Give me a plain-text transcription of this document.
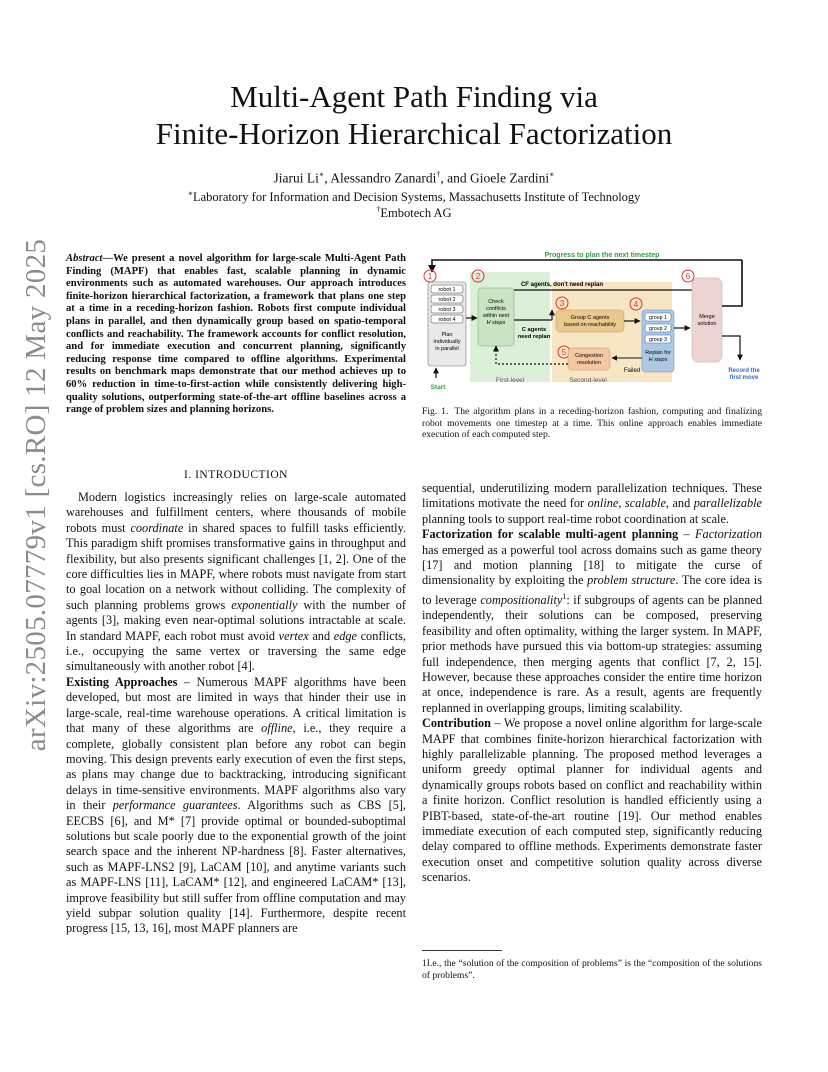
arXiv:2505.07779v1 [cs.RO] 12 May 2025
Multi-Agent Path Finding via
Finite-Horizon Hierarchical Factorization
Jiarui Li∗, Alessandro Zanardi†, and Gioele Zardini∗
∗Laboratory for Information and Decision Systems, Massachusetts Institute of Technology
†Embotech AG
Abstract—We present a novel algorithm for large-scale Multi-Agent Path Finding (MAPF) that enables fast, scalable planning in dynamic environments such as automated warehouses. Our approach introduces finite-horizon hierarchical factorization, a framework that plans one step at a time in a receding-horizon fashion. Robots first compute individual plans in parallel, and then dynamically group based on spatio-temporal conflicts and reachability. The framework accounts for conflict resolution, and for immediate execution and concurrent planning, significantly reducing response time compared to offline algorithms. Experimental results on benchmark maps demonstrate that our method achieves up to 60% reduction in time-to-first-action while consistently delivering high-quality solutions, outperforming state-of-the-art offline baselines across a range of problem sizes and planning horizons.
I. INTRODUCTION

Modern logistics increasingly relies on large-scale automated warehouses and fulfillment centers, where thousands of mobile robots must coordinate in shared spaces to fulfill tasks efficiently. This paradigm shift promises transformative gains in throughput and flexibility, but also presents significant challenges [1, 2]. One of the core difficulties lies in MAPF, where robots must navigate from start to goal location on a network without colliding. The complexity of such planning problems grows exponentially with the number of agents [3], making even near-optimal solutions intractable at scale. In standard MAPF, each robot must avoid vertex and edge conflicts, i.e., occupying the same vertex or traversing the same edge simultaneously with another robot [4].

Existing Approaches – Numerous MAPF algorithms have been developed, but most are limited in ways that hinder their use in large-scale, real-time warehouse operations. A critical limitation is that many of these algorithms are offline, i.e., they require a complete, globally consistent plan before any robot can begin moving. This design prevents early execution of even the first steps, as plans may change due to backtracking, introducing significant delays in time-sensitive environments. MAPF algorithms also vary in their performance guarantees. Algorithms such as CBS [5], EECBS [6], and M* [7] provide optimal or bounded-suboptimal solutions but scale poorly due to the exponential growth of the joint search space and the inherent NP-hardness [8]. Faster alternatives, such as MAPF-LNS2 [9], LaCAM [10], and anytime variants such as MAPF-LNS [11], LaCAM* [12], and engineered LaCAM* [13], improve feasibility but still suffer from offline computation and may yield subpar solution quality [14]. Furthermore, despite recent progress [15, 13, 16], most MAPF planners are

Progress to plan the next timestep
1	2
3	4
5
6
robot 1
robot 2
robot 3
robot 4
Plan
individually
in parallel
Check
conflicts
within next
H steps
CF agents, don't need replan
C agents
need replan
Group C agents
based on reachability
group 1
group 2
group 3
Replan for
H steps
Failed
Congestion
resolution
Merge
solution
Record the
first move
Start
First-level	Second-level
Fig. 1. The algorithm plans in a receding-horizon fashion, computing and finalizing robot movements one timestep at a time. This online approach enables immediate execution of each computed step.

sequential, underutilizing modern parallelization techniques. These limitations motivate the need for online, scalable, and parallelizable planning tools to support real-time robot coordination at scale.

Factorization for scalable multi-agent planning – Factorization has emerged as a powerful tool across domains such as game theory [17] and motion planning [18] to mitigate the curse of dimensionality by exploiting the problem structure. The core idea is to leverage compositionality$^1$: if subgroups of agents can be planned independently, their solutions can be composed, preserving feasibility and often optimality, withing the larger system. In MAPF, prior methods have pursued this via bottom-up strategies: assuming full independence, then merging agents that conflict [7, 2, 15]. However, because these approaches consider the entire time horizon at once, independence is rare. As a result, agents are frequently replanned in overlapping groups, limiting scalability.

Contribution – We propose a novel online algorithm for large-scale MAPF that combines finite-horizon hierarchical factorization with highly parallelizable planning. The proposed method leverages a uniform greedy optimal planner for individual agents and dynamically groups robots based on conflict and reachability within a finite horizon. Conflict resolution is handled efficiently using a PIBT-based, state-of-the-art routine [19]. Our method enables immediate execution of each computed step, significantly reducing delay compared to offline methods. Experiments demonstrate faster execution onset and competitive solution quality across diverse scenarios.

1I.e., the “solution of the composition of problems” is the “composition of the solutions of problems”.
